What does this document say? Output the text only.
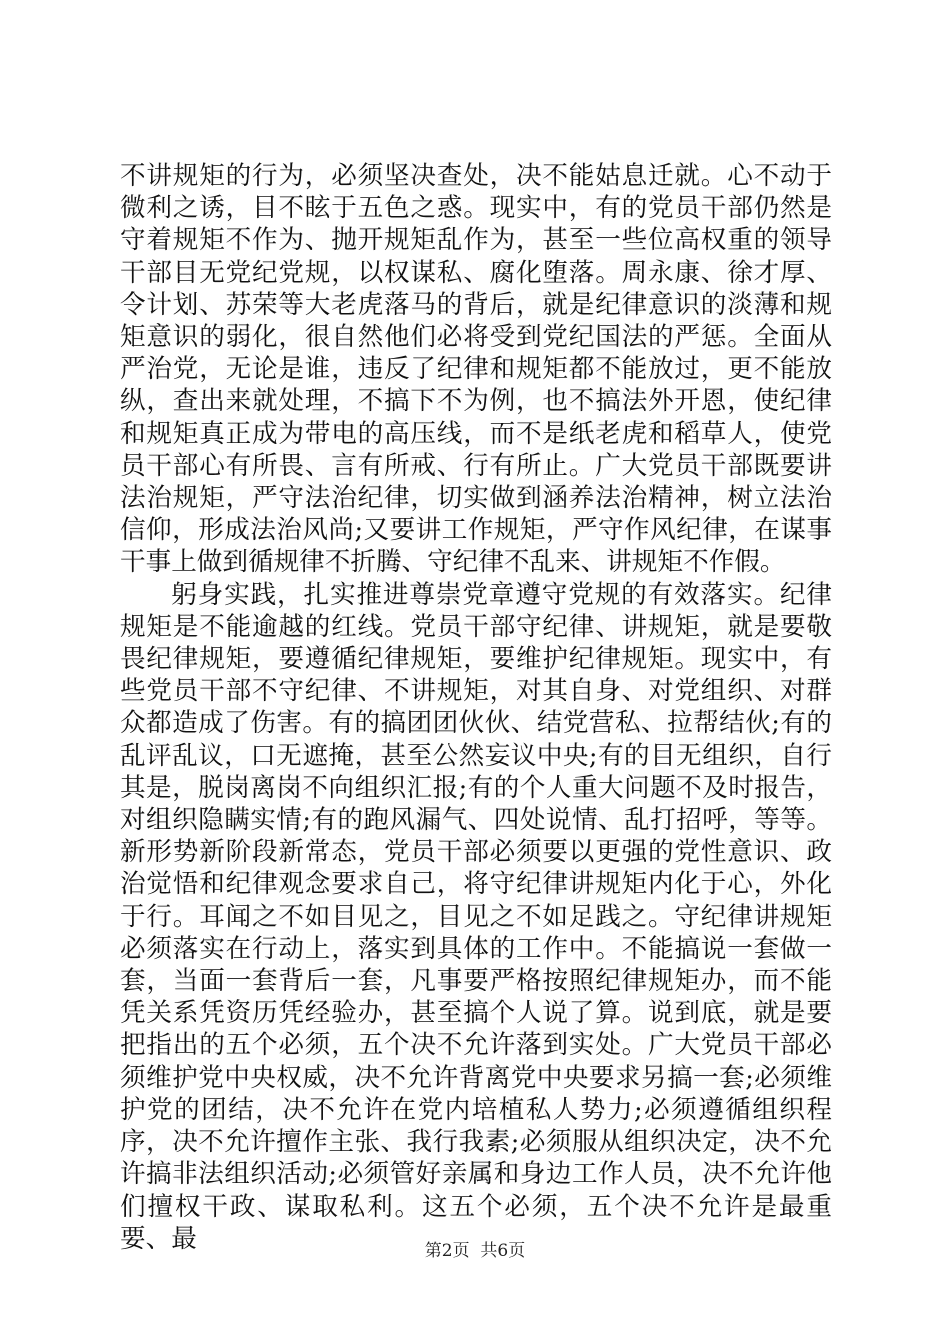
不讲规矩的行为，必须坚决查处，决不能姑息迁就。心不动于微利之诱，目不眩于五色之惑。现实中，有的党员干部仍然是守着规矩不作为、抛开规矩乱作为，甚至一些位高权重的领导干部目无党纪党规，以权谋私、腐化堕落。周永康、徐才厚、令计划、苏荣等大老虎落马的背后，就是纪律意识的淡薄和规矩意识的弱化，很自然他们必将受到党纪国法的严惩。全面从严治党，无论是谁，违反了纪律和规矩都不能放过，更不能放纵，查出来就处理，不搞下不为例，也不搞法外开恩，使纪律和规矩真正成为带电的高压线，而不是纸老虎和稻草人，使党员干部心有所畏、言有所戒、行有所止。广大党员干部既要讲法治规矩，严守法治纪律，切实做到涵养法治精神，树立法治信仰，形成法治风尚;又要讲工作规矩，严守作风纪律，在谋事干事上做到循规律不折腾、守纪律不乱来、讲规矩不作假。

躬身实践，扎实推进尊崇党章遵守党规的有效落实。纪律规矩是不能逾越的红线。党员干部守纪律、讲规矩，就是要敬畏纪律规矩，要遵循纪律规矩，要维护纪律规矩。现实中，有些党员干部不守纪律、不讲规矩，对其自身、对党组织、对群众都造成了伤害。有的搞团团伙伙、结党营私、拉帮结伙;有的乱评乱议，口无遮掩，甚至公然妄议中央;有的目无组织，自行其是，脱岗离岗不向组织汇报;有的个人重大问题不及时报告，对组织隐瞒实情;有的跑风漏气、四处说情、乱打招呼，等等。新形势新阶段新常态，党员干部必须要以更强的党性意识、政治觉悟和纪律观念要求自己，将守纪律讲规矩内化于心，外化于行。耳闻之不如目见之，目见之不如足践之。守纪律讲规矩必须落实在行动上，落实到具体的工作中。不能搞说一套做一套，当面一套背后一套，凡事要严格按照纪律规矩办，而不能凭关系凭资历凭经验办，甚至搞个人说了算。说到底，就是要把指出的五个必须，五个决不允许落到实处。广大党员干部必须维护党中央权威，决不允许背离党中央要求另搞一套;必须维护党的团结，决不允许在党内培植私人势力;必须遵循组织程序，决不允许擅作主张、我行我素;必须服从组织决定，决不允许搞非法组织活动;必须管好亲属和身边工作人员，决不允许他们擅权干政、谋取私利。这五个必须，五个决不允许是最重要、最	第2页  共6页
